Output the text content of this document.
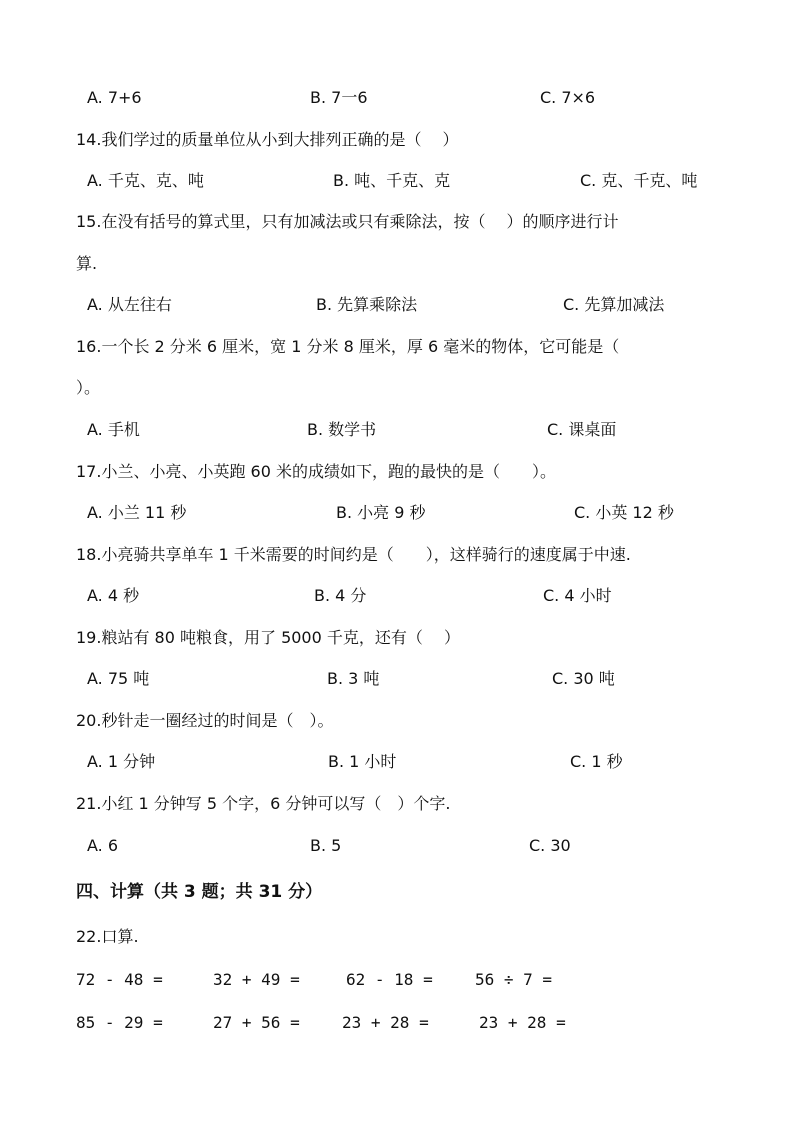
A. 7+6	B. 7一6	C. 7×6
14.我们学过的质量单位从小到大排列正确的是（　 ）
A. 千克、克、吨	B. 吨、千克、克	C. 克、千克、吨
15.在没有括号的算式里，只有加减法或只有乘除法，按（　 ）的顺序进行计
算.
A. 从左往右	B. 先算乘除法	C. 先算加减法
16.一个长 2 分米 6 厘米，宽 1 分米 8 厘米，厚 6 毫米的物体，它可能是（
）。
A. 手机	B. 数学书	C. 课桌面
17.小兰、小亮、小英跑 60 米的成绩如下，跑的最快的是（　　）。
A. 小兰 11 秒	B. 小亮 9 秒	C. 小英 12 秒
18.小亮骑共享单车 1 千米需要的时间约是（　　），这样骑行的速度属于中速.
A. 4 秒	B. 4 分	C. 4 小时
19.粮站有 80 吨粮食，用了 5000 千克，还有（　 ）
A. 75 吨	B. 3 吨	C. 30 吨
20.秒针走一圈经过的时间是（　）。
A. 1 分钟	B. 1 小时	C. 1 秒
21.小红 1 分钟写 5 个字，6 分钟可以写（　）个字.
A. 6	B. 5	C. 30
四、计算（共 3 题；共 31 分）
22.口算.
72 - 48 =	32 + 49 =	62 - 18 =	56 ÷ 7 =
85 - 29 =	27 + 56 =	23 + 28 =	23 + 28 =
